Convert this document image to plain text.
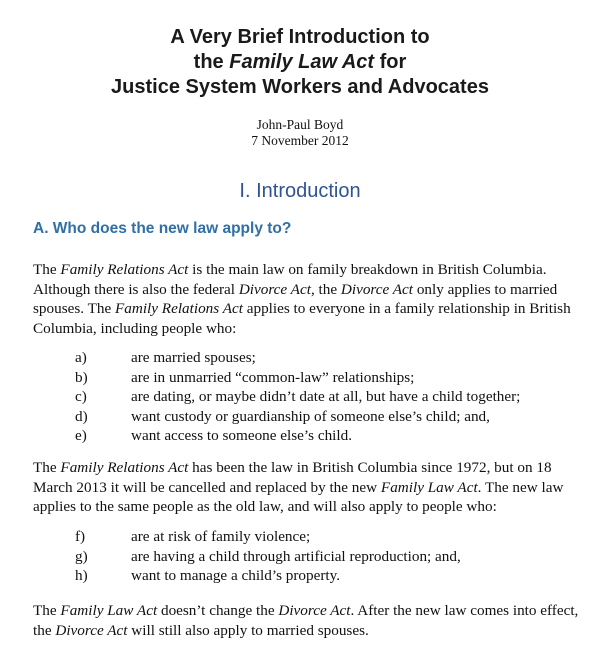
A Very Brief Introduction to
the Family Law Act for
Justice System Workers and Advocates
John-Paul Boyd
7 November 2012
I. Introduction
A. Who does the new law apply to?

The Family Relations Act is the main law on family breakdown in British Columbia. Although there is also the federal Divorce Act, the Divorce Act only applies to married spouses. The Family Relations Act applies to everyone in a family relationship in British Columbia, including people who:

a)	are married spouses;
b)	are in unmarried “common-law” relationships;
c)	are dating, or maybe didn’t date at all, but have a child together;
d)	want custody or guardianship of someone else’s child; and,
e)	want access to someone else’s child.

The Family Relations Act has been the law in British Columbia since 1972, but on 18 March 2013 it will be cancelled and replaced by the new Family Law Act. The new law applies to the same people as the old law, and will also apply to people who:

f)	are at risk of family violence;
g)	are having a child through artificial reproduction; and,
h)	want to manage a child’s property.

The Family Law Act doesn’t change the Divorce Act. After the new law comes into effect, the Divorce Act will still also apply to married spouses.
